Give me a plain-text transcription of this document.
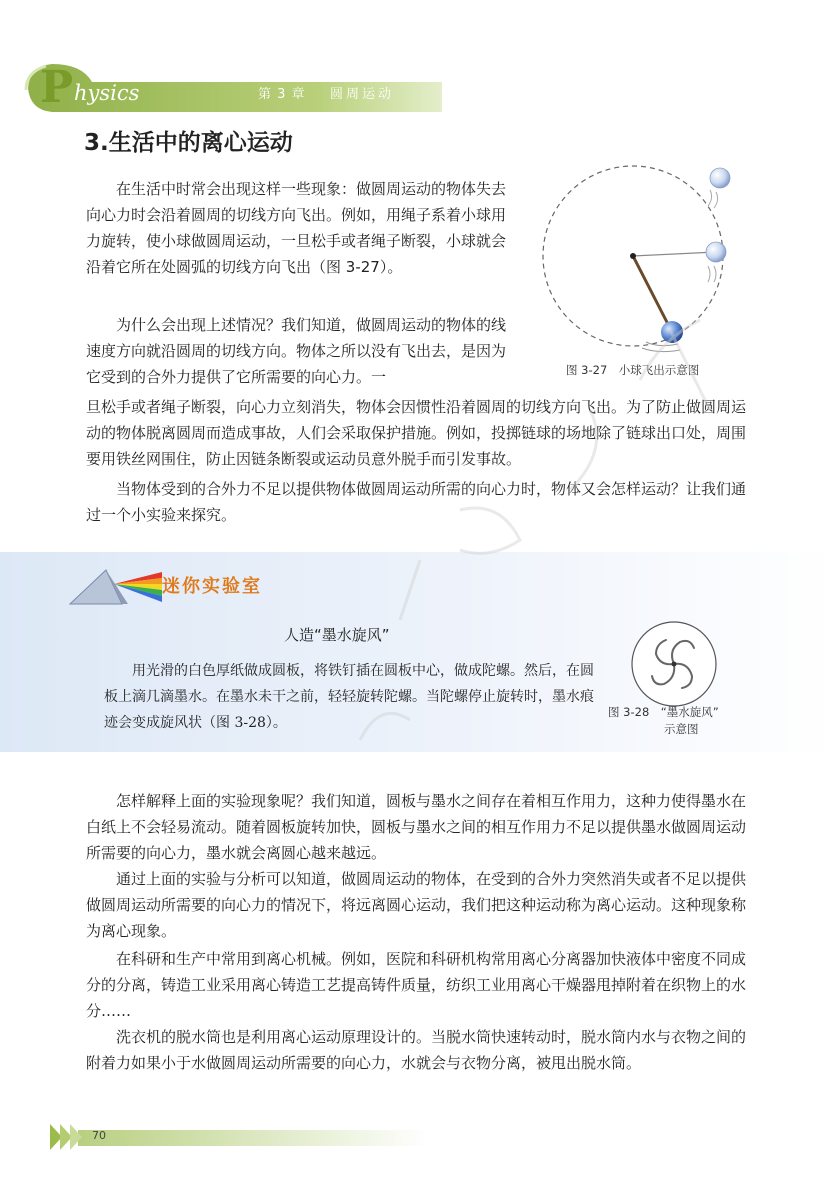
P hysics	第 3 章 圆周运动
3.生活中的离心运动

在生活中时常会出现这样一些现象：做圆周运动的物体失去向心力时会沿着圆周的切线方向飞出。例如，用绳子系着小球用力旋转，使小球做圆周运动，一旦松手或者绳子断裂，小球就会沿着它所在处圆弧的切线方向飞出（图 3-27）。

为什么会出现上述情况？我们知道，做圆周运动的物体的线速度方向就沿圆周的切线方向。物体之所以没有飞出去，是因为它受到的合外力提供了它所需要的向心力。一

旦松手或者绳子断裂，向心力立刻消失，物体会因惯性沿着圆周的切线方向飞出。为了防止做圆周运动的物体脱离圆周而造成事故，人们会采取保护措施。例如，投掷链球的场地除了链球出口处，周围要用铁丝网围住，防止因链条断裂或运动员意外脱手而引发事故。

当物体受到的合外力不足以提供物体做圆周运动所需的向心力时，物体又会怎样运动？让我们通过一个小实验来探究。

图 3-27　小球飞出示意图
迷你实验室
人造“墨水旋风”

用光滑的白色厚纸做成圆板，将铁钉插在圆板中心，做成陀螺。然后，在圆板上滴几滴墨水。在墨水未干之前，轻轻旋转陀螺。当陀螺停止旋转时，墨水痕迹会变成旋风状（图 3-28）。

图 3-28　“墨水旋风”
示意图

怎样解释上面的实验现象呢？我们知道，圆板与墨水之间存在着相互作用力，这种力使得墨水在白纸上不会轻易流动。随着圆板旋转加快，圆板与墨水之间的相互作用力不足以提供墨水做圆周运动所需要的向心力，墨水就会离圆心越来越远。

通过上面的实验与分析可以知道，做圆周运动的物体，在受到的合外力突然消失或者不足以提供做圆周运动所需要的向心力的情况下，将远离圆心运动，我们把这种运动称为离心运动。这种现象称为离心现象。

在科研和生产中常用到离心机械。例如，医院和科研机构常用离心分离器加快液体中密度不同成分的分离，铸造工业采用离心铸造工艺提高铸件质量，纺织工业用离心干燥器甩掉附着在织物上的水分……

洗衣机的脱水筒也是利用离心运动原理设计的。当脱水筒快速转动时，脱水筒内水与衣物之间的附着力如果小于水做圆周运动所需要的向心力，水就会与衣物分离，被甩出脱水筒。

70
